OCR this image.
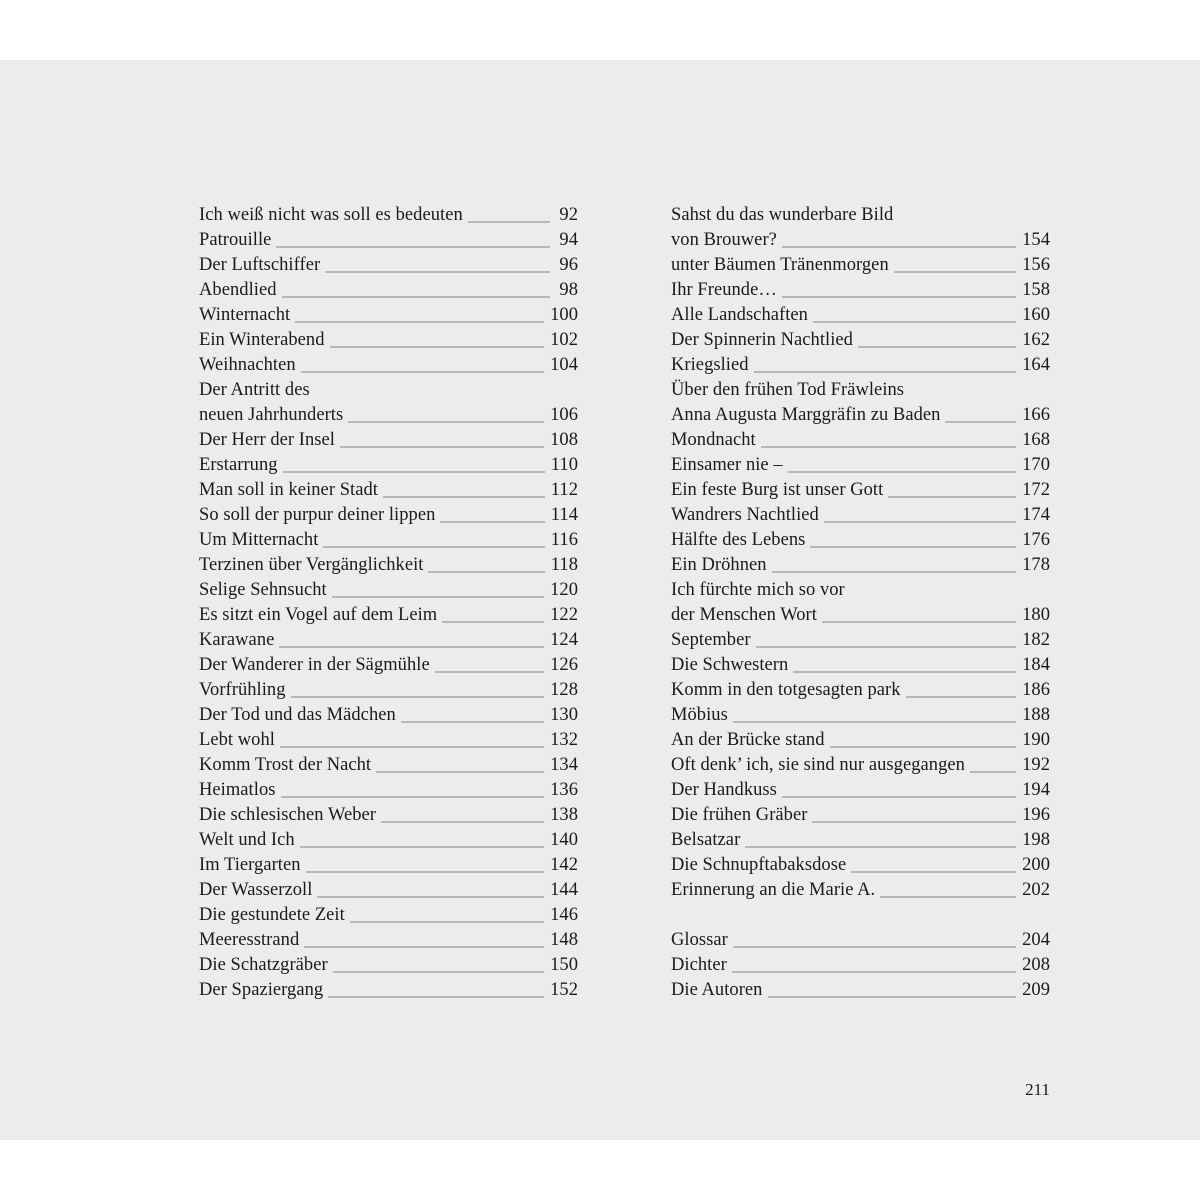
Ich weiß nicht was soll es bedeuten	92
Patrouille	94
Der Luftschiffer	96
Abendlied	98
Winternacht	100
Ein Winterabend	102
Weihnachten	104
Der Antritt des
neuen Jahrhunderts	106
Der Herr der Insel	108
Erstarrung	110
Man soll in keiner Stadt	112
So soll der purpur deiner lippen	114
Um Mitternacht	116
Terzinen über Vergänglichkeit	118
Selige Sehnsucht	120
Es sitzt ein Vogel auf dem Leim	122
Karawane	124
Der Wanderer in der Sägmühle	126
Vorfrühling	128
Der Tod und das Mädchen	130
Lebt wohl	132
Komm Trost der Nacht	134
Heimatlos	136
Die schlesischen Weber	138
Welt und Ich	140
Im Tiergarten	142
Der Wasserzoll	144
Die gestundete Zeit	146
Meeresstrand	148
Die Schatzgräber	150
Der Spaziergang	152
Sahst du das wunderbare Bild
von Brouwer?	154
unter Bäumen Tränenmorgen	156
Ihr Freunde…	158
Alle Landschaften	160
Der Spinnerin Nachtlied	162
Kriegslied	164
Über den frühen Tod Fräwleins
Anna Augusta Marggräfin zu Baden	166
Mondnacht	168
Einsamer nie –	170
Ein feste Burg ist unser Gott	172
Wandrers Nachtlied	174
Hälfte des Lebens	176
Ein Dröhnen	178
Ich fürchte mich so vor
der Menschen Wort	180
September	182
Die Schwestern	184
Komm in den totgesagten park	186
Möbius	188
An der Brücke stand	190
Oft denk’ ich, sie sind nur ausgegangen	192
Der Handkuss	194
Die frühen Gräber	196
Belsatzar	198
Die Schnupftabaksdose	200
Erinnerung an die Marie A.	202
Glossar	204
Dichter	208
Die Autoren	209
211
